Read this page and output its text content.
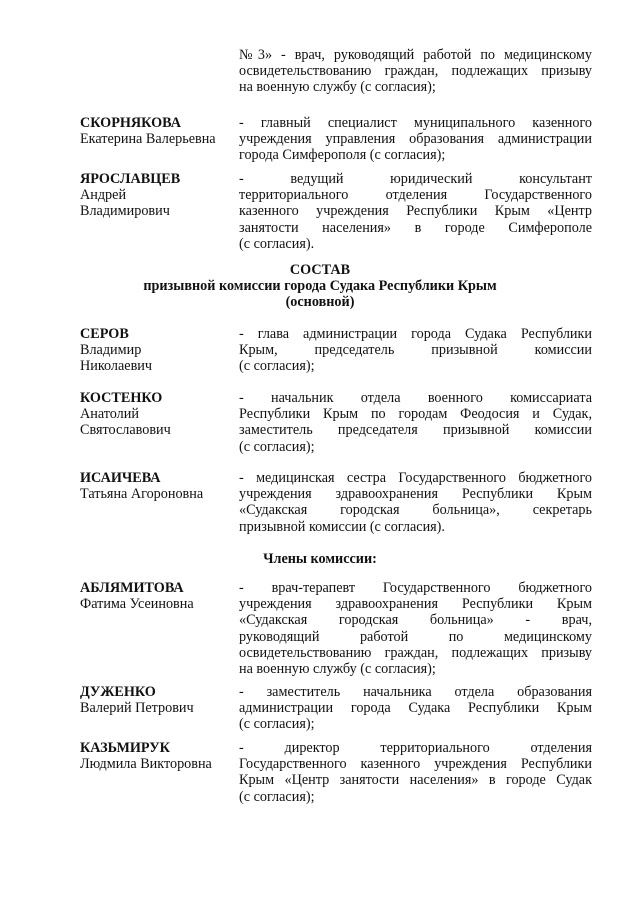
№3» - врач, руководящий работой по медицинскому
освидетельствованию граждан, подлежащих призыву
на военную службу (с согласия);
СКОРНЯКОВА
Екатерина Валерьевна
- главный специалист муниципального казенного
учреждения управления образования администрации
города Симферополя (с согласия);
ЯРОСЛАВЦЕВ
Андрей
Владимирович
- ведущий юридический консультант
территориального отделения Государственного
казенного учреждения Республики Крым «Центр
занятости населения» в городе Симферополе
(с согласия).
СОСТАВ
призывной комиссии города Судака Республики Крым
(основной)
СЕРОВ
Владимир
Николаевич
- глава администрации города Судака Республики
Крым, председатель призывной комиссии
(с согласия);
КОСТЕНКО
Анатолий
Святославович
- начальник отдела военного комиссариата
Республики Крым по городам Феодосия и Судак,
заместитель председателя призывной комиссии
(с согласия);
ИСАИЧЕВА
Татьяна Агороновна
- медицинская сестра Государственного бюджетного
учреждения здравоохранения Республики Крым
«Судакская городская больница», секретарь
призывной комиссии (с согласия).
Члены комиссии:
АБЛЯМИТОВА
Фатима Усеиновна
- врач-терапевт Государственного бюджетного
учреждения здравоохранения Республики Крым
«Судакская городская больница» - врач,
руководящий работой по медицинскому
освидетельствованию граждан, подлежащих призыву
на военную службу (с согласия);
ДУЖЕНКО
Валерий Петрович
- заместитель начальника отдела образования
администрации города Судака Республики Крым
(с согласия);
КАЗЬМИРУК
Людмила Викторовна
- директор территориального отделения
Государственного казенного учреждения Республики
Крым «Центр занятости населения» в городе Судак
(с согласия);
